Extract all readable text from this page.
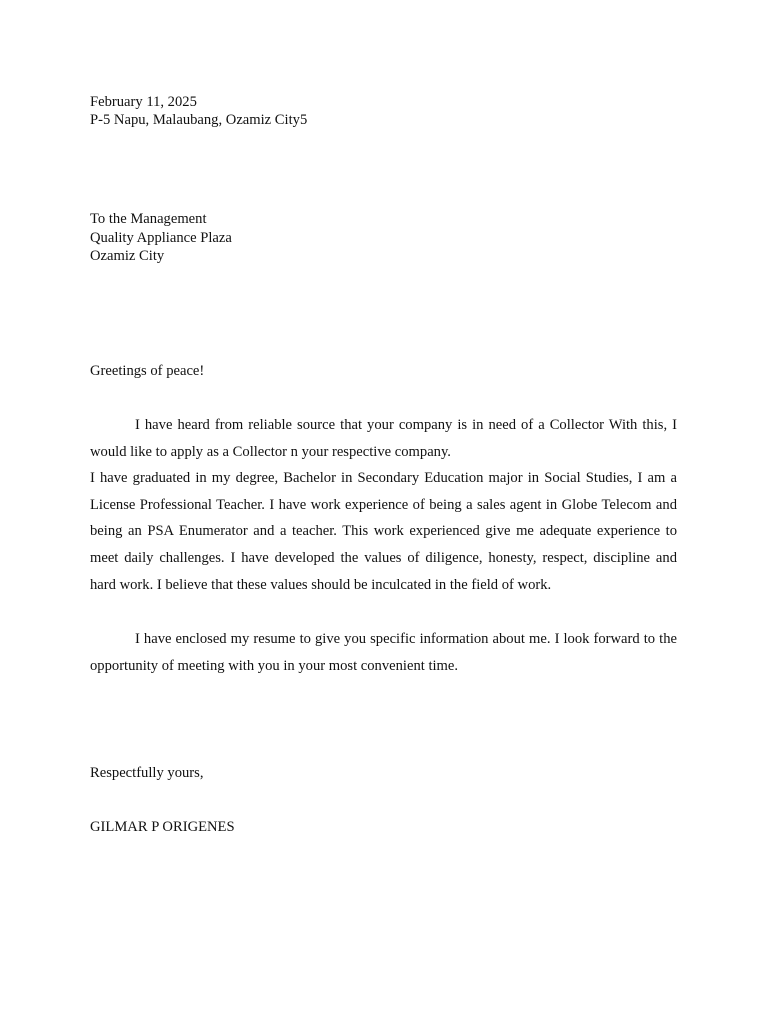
February 11, 2025
P-5 Napu, Malaubang, Ozamiz City5
To the Management
Quality Appliance Plaza
Ozamiz City
Greetings of peace!
I have heard from reliable source that your company is in need of a Collector With this, I would like to apply as a Collector n your respective company.
I have graduated in my degree, Bachelor in Secondary Education major in Social Studies, I am a License Professional Teacher. I have work experience of being a sales agent in Globe Telecom and being an PSA Enumerator and a teacher. This work experienced give me adequate experience to meet daily challenges. I have developed the values of diligence, honesty, respect, discipline and hard work. I believe that these values should be inculcated in the field of work.
I have enclosed my resume to give you specific information about me. I look forward to the opportunity of meeting with you in your most convenient time.
Respectfully yours,
GILMAR P ORIGENES
